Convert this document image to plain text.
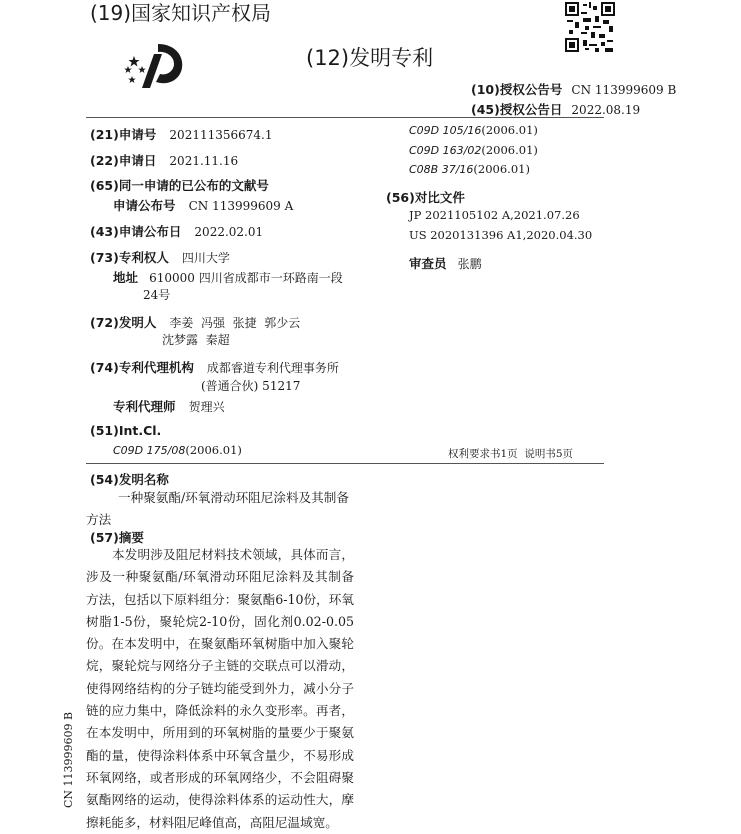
(19)国家知识产权局
(12)发明专利
(10)授权公告号 CN 113999609 B
(45)授权公告日 2022.08.19
(21)申请号 202111356674.1
(22)申请日 2021.11.16
(65)同一申请的已公布的文献号
申请公布号 CN 113999609 A
(43)申请公布日 2022.02.01
(73)专利权人 四川大学
地址 610000 四川省成都市一环路南一段
24号
(72)发明人 李姜  冯强  张捷  郭少云
沈梦露  秦超
(74)专利代理机构 成都睿道专利代理事务所
(普通合伙) 51217
专利代理师 贺理兴
(51)Int.Cl.
C09D 175/08(2006.01)
C09D 105/16(2006.01)
C09D 163/02(2006.01)
C08B 37/16(2006.01)
(56)对比文件
JP 2021105102 A,2021.07.26
US 2020131396 A1,2020.04.30
审查员 张鹏
权利要求书1页  说明书5页
(54)发明名称
一种聚氨酯/环氧滑动环阻尼涂料及其制备方法
(57)摘要
本发明涉及阻尼材料技术领域，具体而言，涉及一种聚氨酯/环氧滑动环阻尼涂料及其制备方法，包括以下原料组分：聚氨酯6-10份，环氧树脂1-5份，聚轮烷2-10份，固化剂0.02-0.05份。在本发明中，在聚氨酯环氧树脂中加入聚轮烷，聚轮烷与网络分子主链的交联点可以滑动，使得网络结构的分子链均能受到外力，减小分子链的应力集中，降低涂料的永久变形率。再者，在本发明中，所用到的环氧树脂的量要少于聚氨酯的量，使得涂料体系中环氧含量少，不易形成环氧网络，或者形成的环氧网络少，不会阻碍聚氨酯网络的运动，使得涂料体系的运动性大，摩擦耗能多，材料阻尼峰值高，高阻尼温域宽。
CN 113999609 B
